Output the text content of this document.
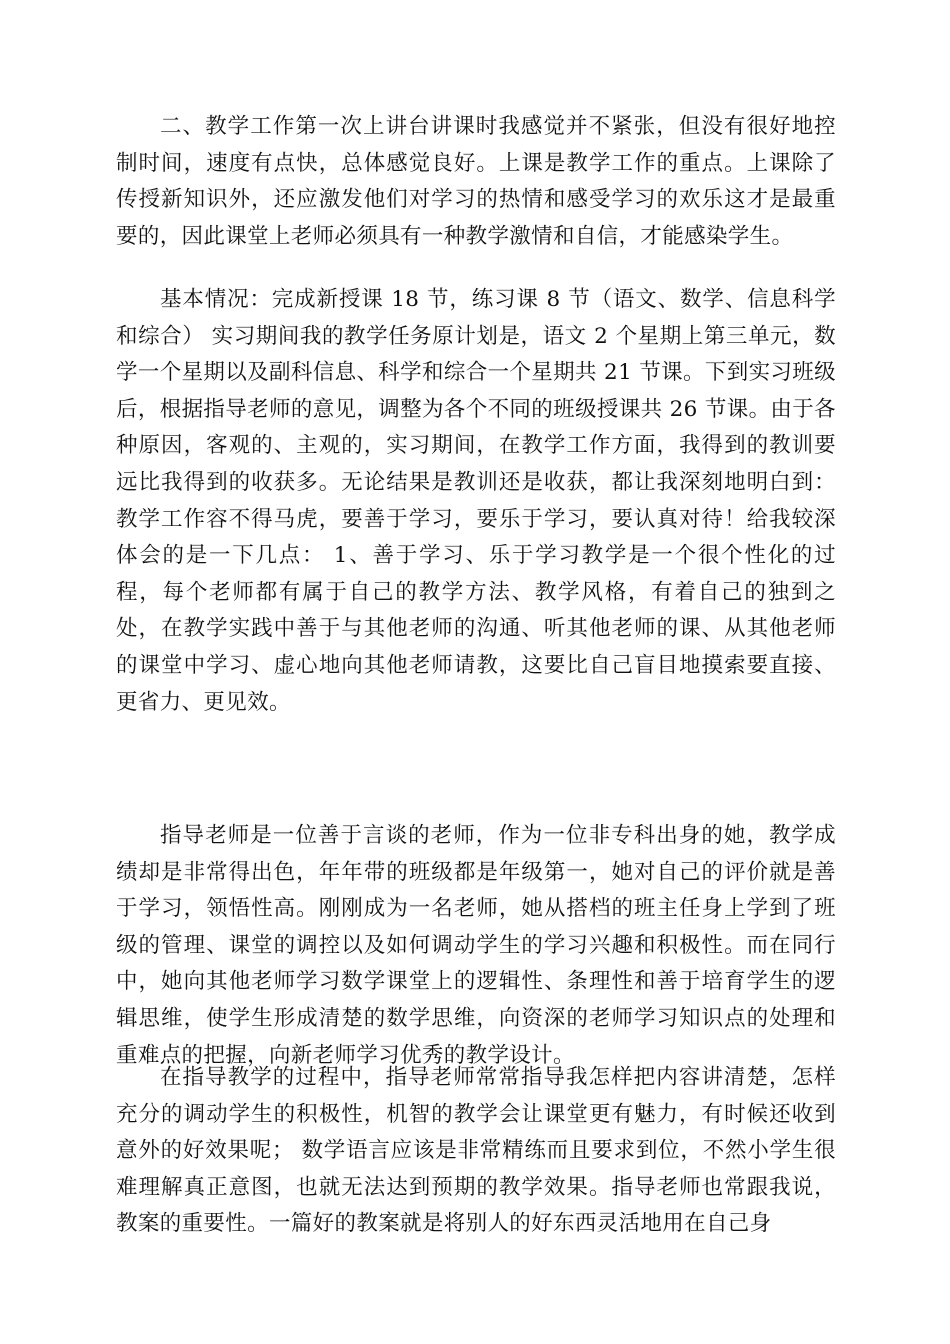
二、教学工作第一次上讲台讲课时我感觉并不紧张，但没有很好地控制时间，速度有点快，总体感觉良好。上课是教学工作的重点。上课除了传授新知识外，还应激发他们对学习的热情和感受学习的欢乐这才是最重要的，因此课堂上老师必须具有一种教学激情和自信，才能感染学生。

基本情况：完成新授课 18 节，练习课 8 节（语文、数学、信息科学和综合） 实习期间我的教学任务原计划是，语文 2 个星期上第三单元，数学一个星期以及副科信息、科学和综合一个星期共 21 节课。下到实习班级后，根据指导老师的意见，调整为各个不同的班级授课共 26 节课。由于各种原因，客观的、主观的，实习期间，在教学工作方面，我得到的教训要远比我得到的收获多。无论结果是教训还是收获，都让我深刻地明白到：教学工作容不得马虎，要善于学习，要乐于学习，要认真对待！给我较深体会的是一下几点： 1、善于学习、乐于学习教学是一个很个性化的过程，每个老师都有属于自己的教学方法、教学风格，有着自己的独到之处，在教学实践中善于与其他老师的沟通、听其他老师的课、从其他老师的课堂中学习、虚心地向其他老师请教，这要比自己盲目地摸索要直接、更省力、更见效。

指导老师是一位善于言谈的老师，作为一位非专科出身的她，教学成绩却是非常得出色，年年带的班级都是年级第一，她对自己的评价就是善于学习，领悟性高。刚刚成为一名老师，她从搭档的班主任身上学到了班级的管理、课堂的调控以及如何调动学生的学习兴趣和积极性。而在同行中，她向其他老师学习数学课堂上的逻辑性、条理性和善于培育学生的逻辑思维，使学生形成清楚的数学思维，向资深的老师学习知识点的处理和重难点的把握，向新老师学习优秀的教学设计。

在指导教学的过程中，指导老师常常指导我怎样把内容讲清楚，怎样充分的调动学生的积极性，机智的教学会让课堂更有魅力，有时候还收到意外的好效果呢； 数学语言应该是非常精练而且要求到位，不然小学生很难理解真正意图，也就无法达到预期的教学效果。指导老师也常跟我说，教案的重要性。一篇好的教案就是将别人的好东西灵活地用在自己身
